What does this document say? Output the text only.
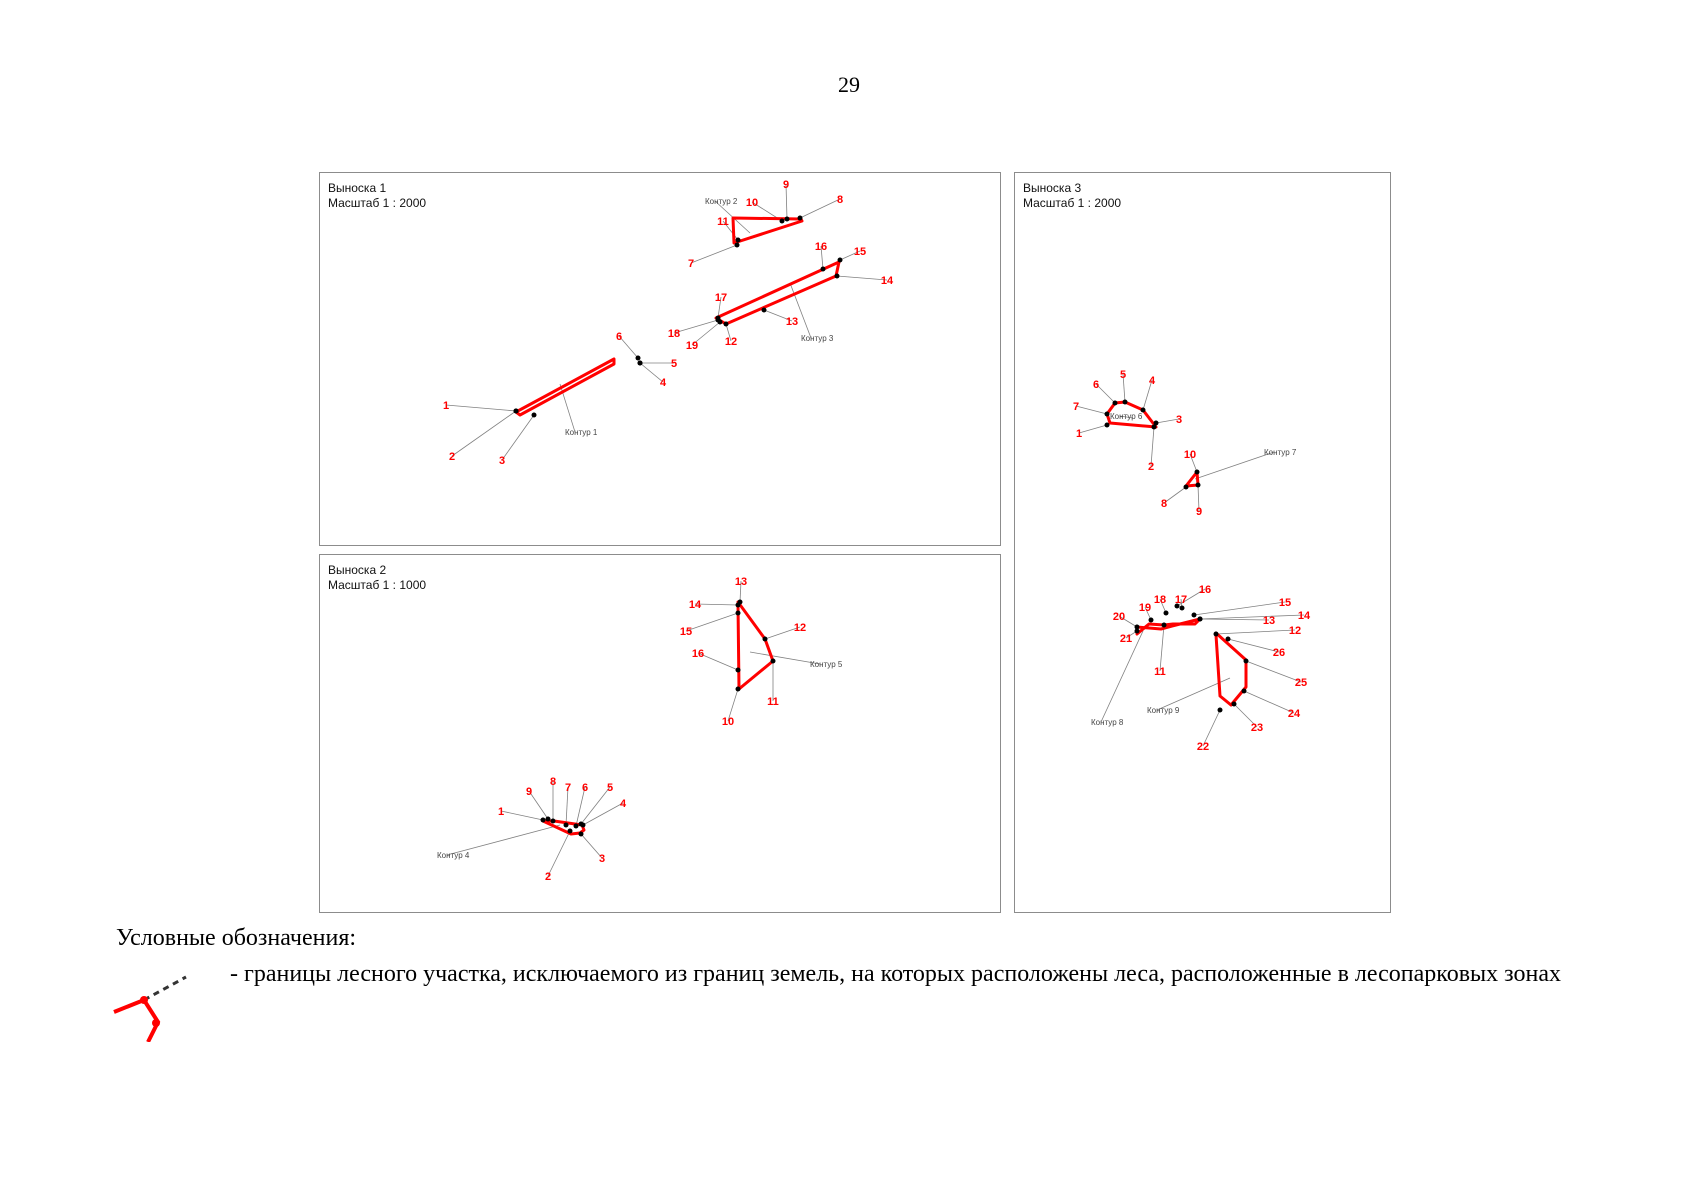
29
Выноска 1
Масштаб 1 : 2000
Контур 1
Контур 2
Контур 3
1
2	3
4
5
6
7
8
9
10
11
12
13
14
15
16
17
18
19
Выноска 2
Масштаб 1 : 1000
Контур 4
Контур 5
1
2
3
4
5
6
7
8
9
10
11
12
13
14
15
16
Выноска 3
Масштаб 1 : 2000
Контур 6
Контур 7
Контур 8
Контур 9
1
2
3
4
5
6
7
8
9
10
11
12
13 14
15
16
17
18
19
20
21
22
23
24
25
26
Условные обозначения:
- границы лесного участка, исключаемого из границ земель, на которых расположены леса, расположенные в лесопарковых зонах
